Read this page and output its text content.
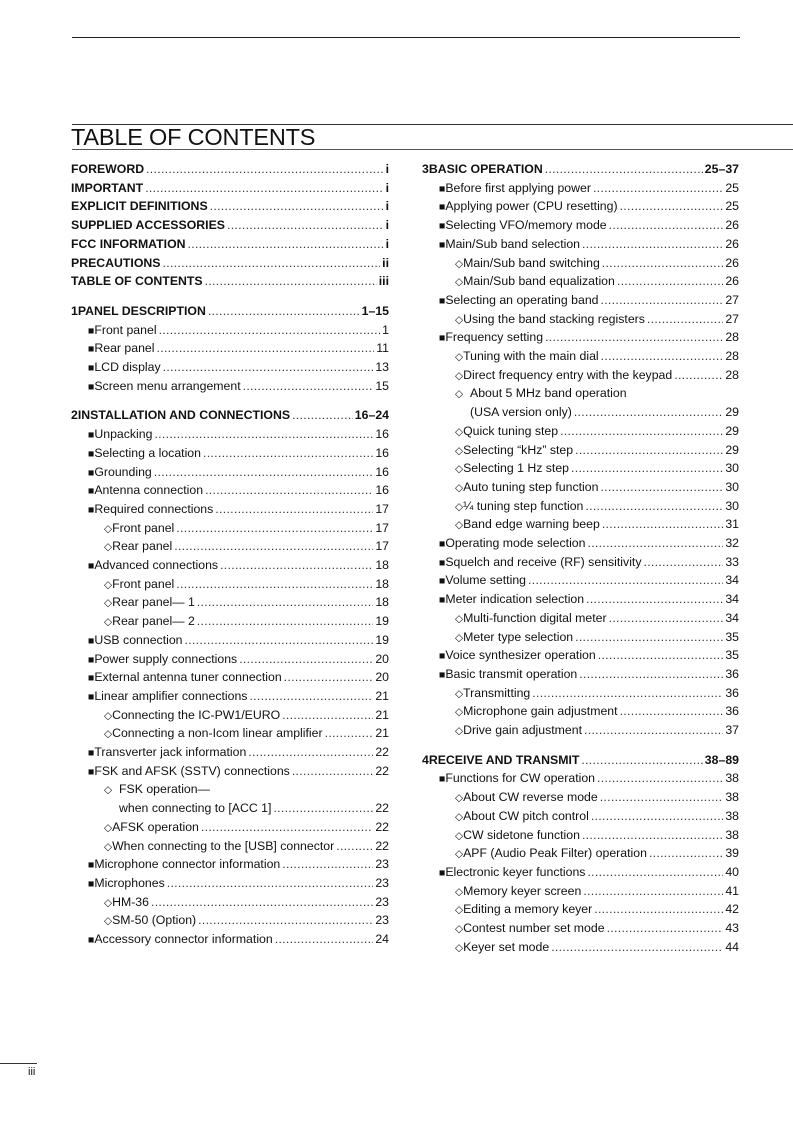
TABLE OF CONTENTS
FOREWORD .....	i
IMPORTANT .....	i
EXPLICIT DEFINITIONS .....	i
SUPPLIED ACCESSORIES .....	i
FCC INFORMATION .....	i
PRECAUTIONS .....	ii
TABLE OF CONTENTS .....	iii
1 PANEL DESCRIPTION .....	1–15
■ Front panel .....	1
■ Rear panel .....	11
■ LCD display .....	13
■ Screen menu arrangement .....	15
2 INSTALLATION AND CONNECTIONS .....	16–24
■ Unpacking .....	16
■ Selecting a location .....	16
■ Grounding .....	16
■ Antenna connection .....	16
■ Required connections .....	17
◇ Front panel .....	17
◇ Rear panel .....	17
■ Advanced connections .....	18
◇ Front panel .....	18
◇ Rear panel— 1 .....	18
◇ Rear panel— 2 .....	19
■ USB connection .....	19
■ Power supply connections .....	20
■ External antenna tuner connection .....	20
■ Linear amplifier connections .....	21
◇ Connecting the IC-PW1/EURO .....	21
◇ Connecting a non-Icom linear amplifier .....	21
■ Transverter jack information .....	22
■ FSK and AFSK (SSTV) connections .....	22
◇ FSK operation—
when connecting to [ACC 1] .....	22
◇ AFSK operation .....	22
◇ When connecting to the [USB] connector .....	22
■ Microphone connector information .....	23
■ Microphones .....	23
◇ HM-36 .....	23
◇ SM-50 (Option) .....	23
■ Accessory connector information .....	24
3 BASIC OPERATION .....	25–37
■ Before first applying power .....	25
■ Applying power (CPU resetting) .....	25
■ Selecting VFO/memory mode .....	26
■ Main/Sub band selection .....	26
◇ Main/Sub band switching .....	26
◇ Main/Sub band equalization .....	26
■ Selecting an operating band .....	27
◇ Using the band stacking registers .....	27
■ Frequency setting .....	28
◇ Tuning with the main dial .....	28
◇ Direct frequency entry with the keypad .....	28
◇ About 5 MHz band operation
(USA version only) .....	29
◇ Quick tuning step .....	29
◇ Selecting “kHz” step .....	29
◇ Selecting 1 Hz step .....	30
◇ Auto tuning step function .....	30
◇ ¼ tuning step function .....	30
◇ Band edge warning beep .....	31
■ Operating mode selection .....	32
■ Squelch and receive (RF) sensitivity .....	33
■ Volume setting .....	34
■ Meter indication selection .....	34
◇ Multi-function digital meter .....	34
◇ Meter type selection .....	35
■ Voice synthesizer operation .....	35
■ Basic transmit operation .....	36
◇ Transmitting .....	36
◇ Microphone gain adjustment .....	36
◇ Drive gain adjustment .....	37
4 RECEIVE AND TRANSMIT .....	38–89
■ Functions for CW operation .....	38
◇ About CW reverse mode .....	38
◇ About CW pitch control .....	38
◇ CW sidetone function .....	38
◇ APF (Audio Peak Filter) operation .....	39
■ Electronic keyer functions .....	40
◇ Memory keyer screen .....	41
◇ Editing a memory keyer .....	42
◇ Contest number set mode .....	43
◇ Keyer set mode .....	44
iii
